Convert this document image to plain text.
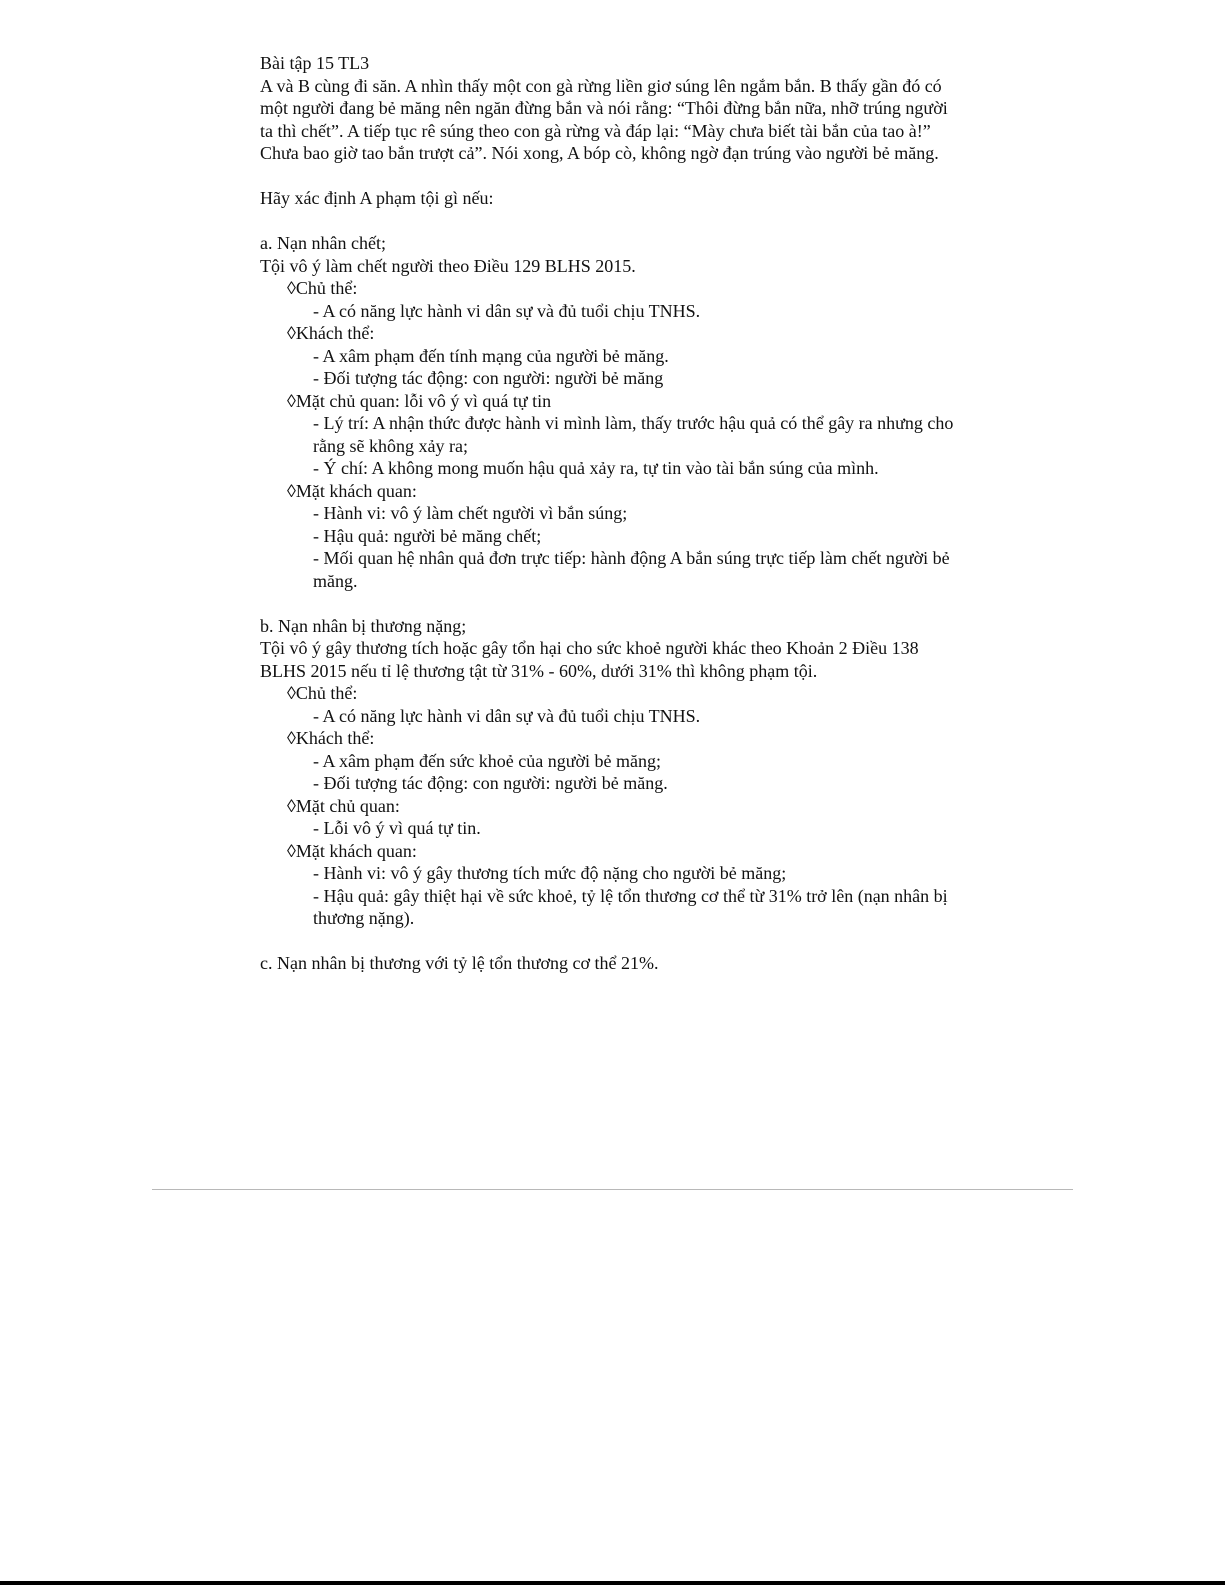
Bài tập 15 TL3

A và B cùng đi săn. A nhìn thấy một con gà rừng liền giơ súng lên ngắm bắn. B thấy gần đó có một người đang bẻ măng nên ngăn đừng bắn và nói rằng: “Thôi đừng bắn nữa, nhỡ trúng người ta thì chết”. A tiếp tục rê súng theo con gà rừng và đáp lại: “Mày chưa biết tài bắn của tao à!” Chưa bao giờ tao bắn trượt cả”. Nói xong, A bóp cò, không ngờ đạn trúng vào người bẻ măng.

Hãy xác định A phạm tội gì nếu:

a. Nạn nhân chết;

Tội vô ý làm chết người theo Điều 129 BLHS 2015.

◊Chủ thể:

- A có năng lực hành vi dân sự và đủ tuổi chịu TNHS.

◊Khách thể:

- A xâm phạm đến tính mạng của người bẻ măng.

- Đối tượng tác động: con người: người bẻ măng

◊Mặt chủ quan: lỗi vô ý vì quá tự tin

- Lý trí: A nhận thức được hành vi mình làm, thấy trước hậu quả có thể gây ra nhưng cho rằng sẽ không xảy ra;

- Ý chí: A không mong muốn hậu quả xảy ra, tự tin vào tài bắn súng của mình.

◊Mặt khách quan:

- Hành vi: vô ý làm chết người vì bắn súng;

- Hậu quả: người bẻ măng chết;

- Mối quan hệ nhân quả đơn trực tiếp: hành động A bắn súng trực tiếp làm chết người bẻ măng.

b. Nạn nhân bị thương nặng;

Tội vô ý gây thương tích hoặc gây tổn hại cho sức khoẻ người khác theo Khoản 2 Điều 138 BLHS 2015 nếu tỉ lệ thương tật từ 31% - 60%, dưới 31% thì không phạm tội.

◊Chủ thể:

- A có năng lực hành vi dân sự và đủ tuổi chịu TNHS.

◊Khách thể:

- A xâm phạm đến sức khoẻ của người bẻ măng;

- Đối tượng tác động: con người: người bẻ măng.

◊Mặt chủ quan:

- Lỗi vô ý vì quá tự tin.

◊Mặt khách quan:

- Hành vi: vô ý gây thương tích mức độ nặng cho người bẻ măng;

- Hậu quả: gây thiệt hại về sức khoẻ, tỷ lệ tổn thương cơ thể từ 31% trở lên (nạn nhân bị thương nặng).

c. Nạn nhân bị thương với tỷ lệ tổn thương cơ thể 21%.
